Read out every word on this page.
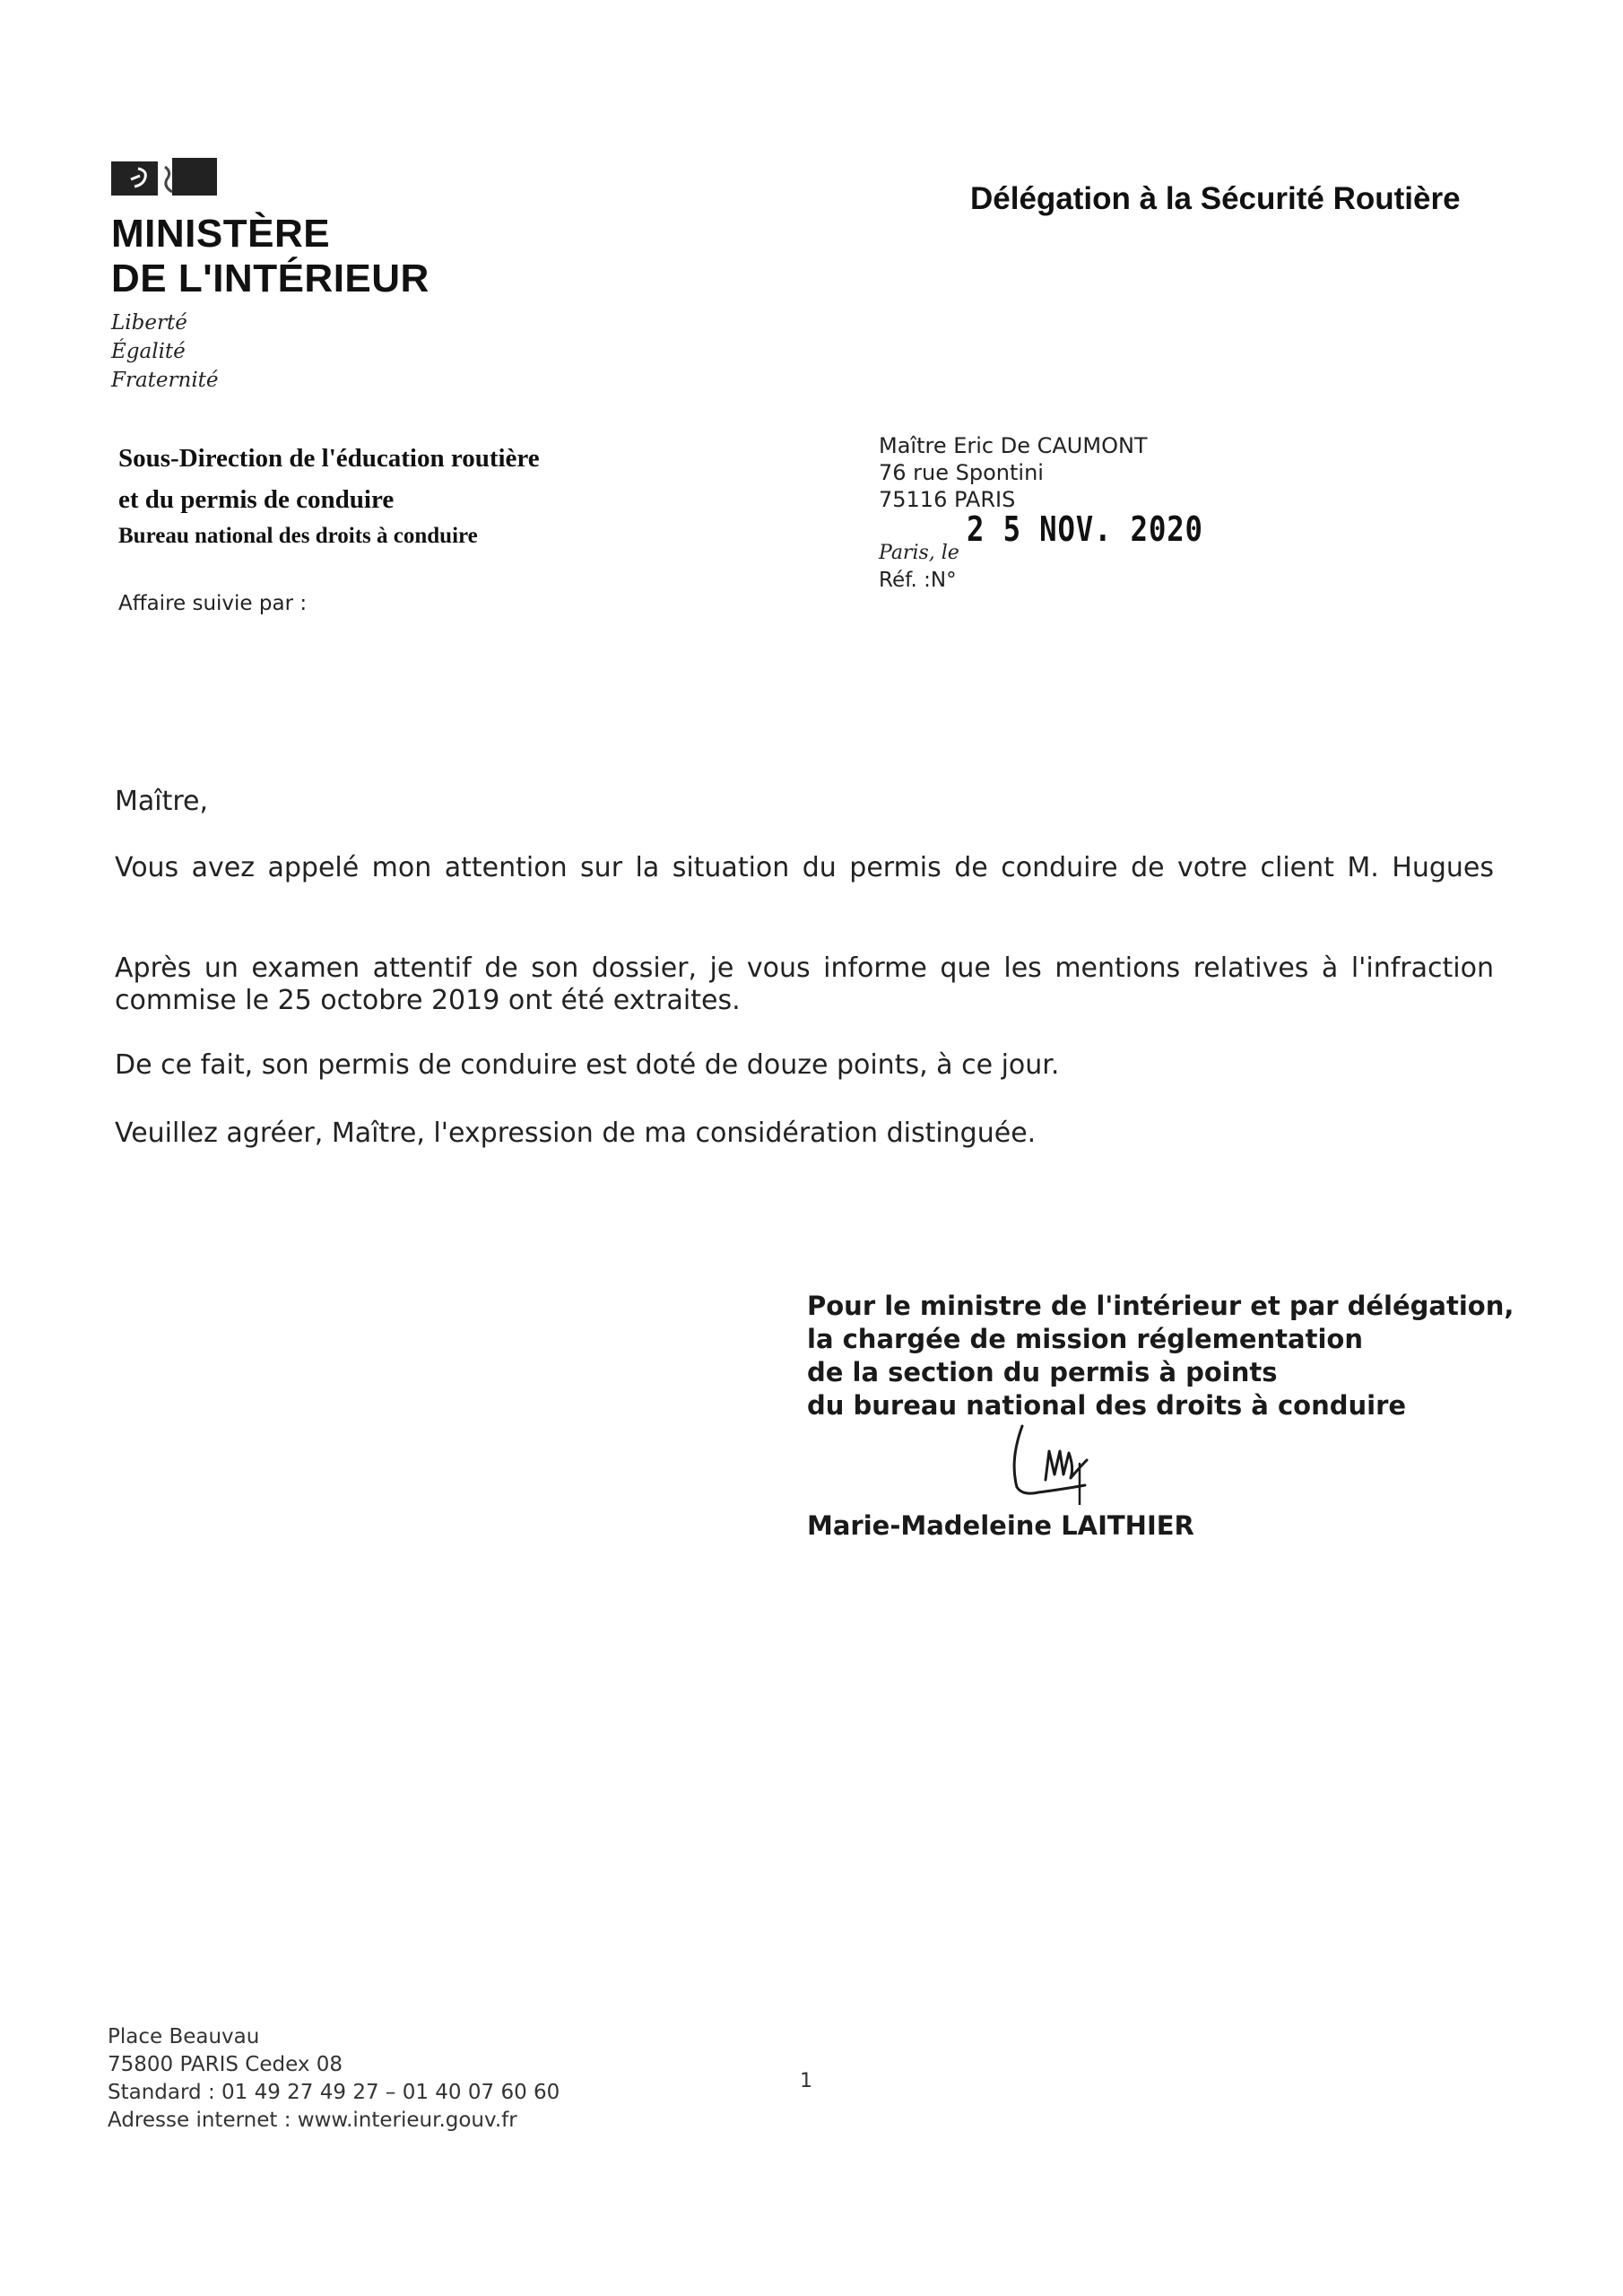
MINISTÈRE
DE L'INTÉRIEUR
Liberté
Égalité
Fraternité
Délégation à la Sécurité Routière
Sous-Direction de l'éducation routière
et du permis de conduire
Bureau national des droits à conduire
Affaire suivie par :
Maître Eric De CAUMONT
76 rue Spontini
75116 PARIS
Paris, le
2 5 NOV. 2020
Réf. :N°
Maître,
Vous avez appelé mon attention sur la situation du permis de conduire de votre client M. Hugues
Après un examen attentif de son dossier, je vous informe que les mentions relatives à l'infraction commise le 25 octobre 2019 ont été extraites.
De ce fait, son permis de conduire est doté de douze points, à ce jour.
Veuillez agréer, Maître, l'expression de ma considération distinguée.
Pour le ministre de l'intérieur et par délégation,
la chargée de mission réglementation
de la section du permis à points
du bureau national des droits à conduire
Marie-Madeleine LAITHIER
Place Beauvau
75800 PARIS Cedex 08
Standard : 01 49 27 49 27 – 01 40 07 60 60
Adresse internet : www.interieur.gouv.fr
1
